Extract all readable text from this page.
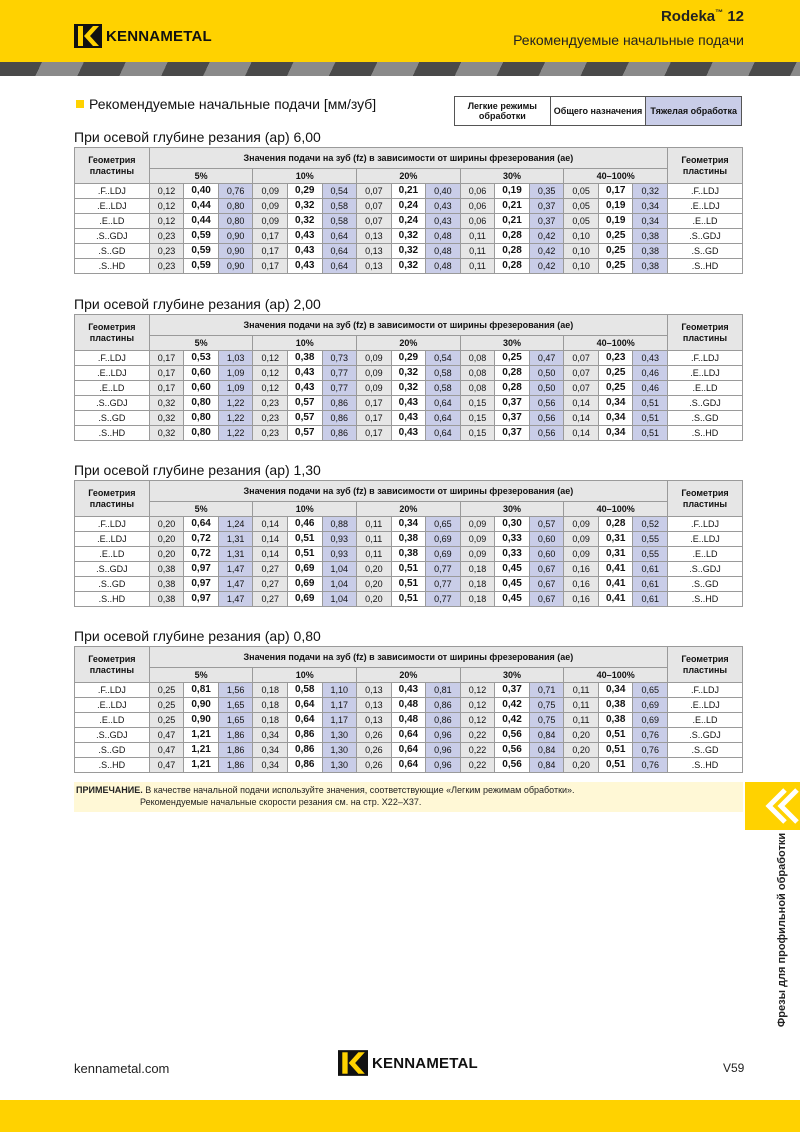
KENNAMETAL
Rodeka™ 12
Рекомендуемые начальные подачи
Рекомендуемые начальные подачи [мм/зуб]	Легкие режимы обработки	Общего назначения Тяжелая обработка
При осевой глубине резания (ap) 6,00
Геометрия пластины	Значения подачи на зуб (fz) в зависимости от ширины фрезерования (ae)															Геометрия пластины
	5%			10%			20%			30%			40–100%			
.F..LDJ	0,12	0,40	0,76	0,09	0,29	0,54	0,07	0,21	0,40	0,06	0,19	0,35	0,05	0,17	0,32	.F..LDJ
.E..LDJ	0,12	0,44	0,80	0,09	0,32	0,58	0,07	0,24	0,43	0,06	0,21	0,37	0,05	0,19	0,34	.E..LDJ
.E..LD	0,12	0,44	0,80	0,09	0,32	0,58	0,07	0,24	0,43	0,06	0,21	0,37	0,05	0,19	0,34	.E..LD
.S..GDJ	0,23	0,59	0,90	0,17	0,43	0,64	0,13	0,32	0,48	0,11	0,28	0,42	0,10	0,25	0,38	.S..GDJ
.S..GD	0,23	0,59	0,90	0,17	0,43	0,64	0,13	0,32	0,48	0,11	0,28	0,42	0,10	0,25	0,38	.S..GD
.S..HD	0,23	0,59	0,90	0,17	0,43	0,64	0,13	0,32	0,48	0,11	0,28	0,42	0,10	0,25	0,38	.S..HD
При осевой глубине резания (ap) 2,00
Геометрия пластины	Значения подачи на зуб (fz) в зависимости от ширины фрезерования (ae)															Геометрия пластины
	5%			10%			20%			30%			40–100%			
.F..LDJ	0,17	0,53	1,03	0,12	0,38	0,73	0,09	0,29	0,54	0,08	0,25	0,47	0,07	0,23	0,43	.F..LDJ
.E..LDJ	0,17	0,60	1,09	0,12	0,43	0,77	0,09	0,32	0,58	0,08	0,28	0,50	0,07	0,25	0,46	.E..LDJ
.E..LD	0,17	0,60	1,09	0,12	0,43	0,77	0,09	0,32	0,58	0,08	0,28	0,50	0,07	0,25	0,46	.E..LD
.S..GDJ	0,32	0,80	1,22	0,23	0,57	0,86	0,17	0,43	0,64	0,15	0,37	0,56	0,14	0,34	0,51	.S..GDJ
.S..GD	0,32	0,80	1,22	0,23	0,57	0,86	0,17	0,43	0,64	0,15	0,37	0,56	0,14	0,34	0,51	.S..GD
.S..HD	0,32	0,80	1,22	0,23	0,57	0,86	0,17	0,43	0,64	0,15	0,37	0,56	0,14	0,34	0,51	.S..HD
При осевой глубине резания (ap) 1,30
Геометрия пластины	Значения подачи на зуб (fz) в зависимости от ширины фрезерования (ae)															Геометрия пластины
	5%			10%			20%			30%			40–100%			
.F..LDJ	0,20	0,64	1,24	0,14	0,46	0,88	0,11	0,34	0,65	0,09	0,30	0,57	0,09	0,28	0,52	.F..LDJ
.E..LDJ	0,20	0,72	1,31	0,14	0,51	0,93	0,11	0,38	0,69	0,09	0,33	0,60	0,09	0,31	0,55	.E..LDJ
.E..LD	0,20	0,72	1,31	0,14	0,51	0,93	0,11	0,38	0,69	0,09	0,33	0,60	0,09	0,31	0,55	.E..LD
.S..GDJ	0,38	0,97	1,47	0,27	0,69	1,04	0,20	0,51	0,77	0,18	0,45	0,67	0,16	0,41	0,61	.S..GDJ
.S..GD	0,38	0,97	1,47	0,27	0,69	1,04	0,20	0,51	0,77	0,18	0,45	0,67	0,16	0,41	0,61	.S..GD
.S..HD	0,38	0,97	1,47	0,27	0,69	1,04	0,20	0,51	0,77	0,18	0,45	0,67	0,16	0,41	0,61	.S..HD
При осевой глубине резания (ap) 0,80
Геометрия пластины	Значения подачи на зуб (fz) в зависимости от ширины фрезерования (ae)															Геометрия пластины
	5%			10%			20%			30%			40–100%			
.F..LDJ	0,25	0,81	1,56	0,18	0,58	1,10	0,13	0,43	0,81	0,12	0,37	0,71	0,11	0,34	0,65	.F..LDJ
.E..LDJ	0,25	0,90	1,65	0,18	0,64	1,17	0,13	0,48	0,86	0,12	0,42	0,75	0,11	0,38	0,69	.E..LDJ
.E..LD	0,25	0,90	1,65	0,18	0,64	1,17	0,13	0,48	0,86	0,12	0,42	0,75	0,11	0,38	0,69	.E..LD
.S..GDJ	0,47	1,21	1,86	0,34	0,86	1,30	0,26	0,64	0,96	0,22	0,56	0,84	0,20	0,51	0,76	.S..GDJ
.S..GD	0,47	1,21	1,86	0,34	0,86	1,30	0,26	0,64	0,96	0,22	0,56	0,84	0,20	0,51	0,76	.S..GD
.S..HD	0,47	1,21	1,86	0,34	0,86	1,30	0,26	0,64	0,96	0,22	0,56	0,84	0,20	0,51	0,76	.S..HD
ПРИМЕЧАНИЕ. В качестве начальной подачи используйте значения, соответствующие «Легким режимам обработки».
Рекомендуемые начальные скорости резания см. на стр. X22–X37.
Фрезы для профильной обработки
kennametal.com	KENNAMETAL	V59
